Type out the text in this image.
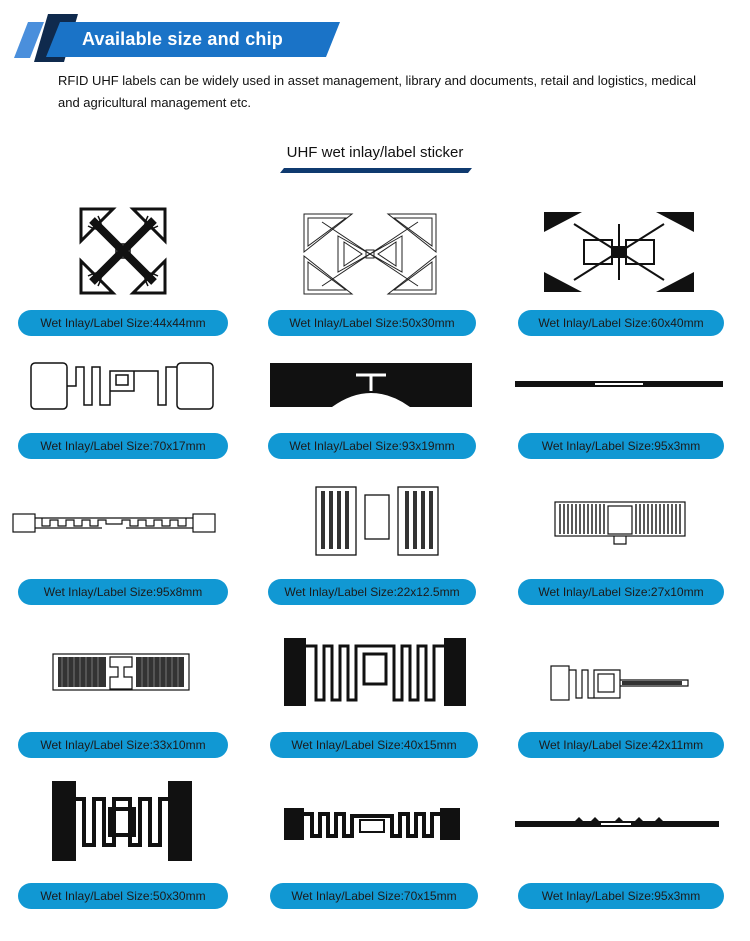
Available size and chip
RFID UHF labels can be widely used in asset management, library and documents, retail and logistics, medical and agricultural management etc.
UHF wet inlay/label sticker
Wet Inlay/Label Size:44x44mm	Wet Inlay/Label Size:50x30mm	Wet Inlay/Label Size:60x40mm
Wet Inlay/Label Size:70x17mm	Wet Inlay/Label Size:93x19mm	Wet Inlay/Label Size:95x3mm
Wet Inlay/Label Size:95x8mm	Wet Inlay/Label Size:22x12.5mm	Wet Inlay/Label Size:27x10mm
Wet Inlay/Label Size:33x10mm	Wet Inlay/Label Size:40x15mm	Wet Inlay/Label Size:42x11mm
Wet Inlay/Label Size:50x30mm	Wet Inlay/Label Size:70x15mm	Wet Inlay/Label Size:95x3mm
